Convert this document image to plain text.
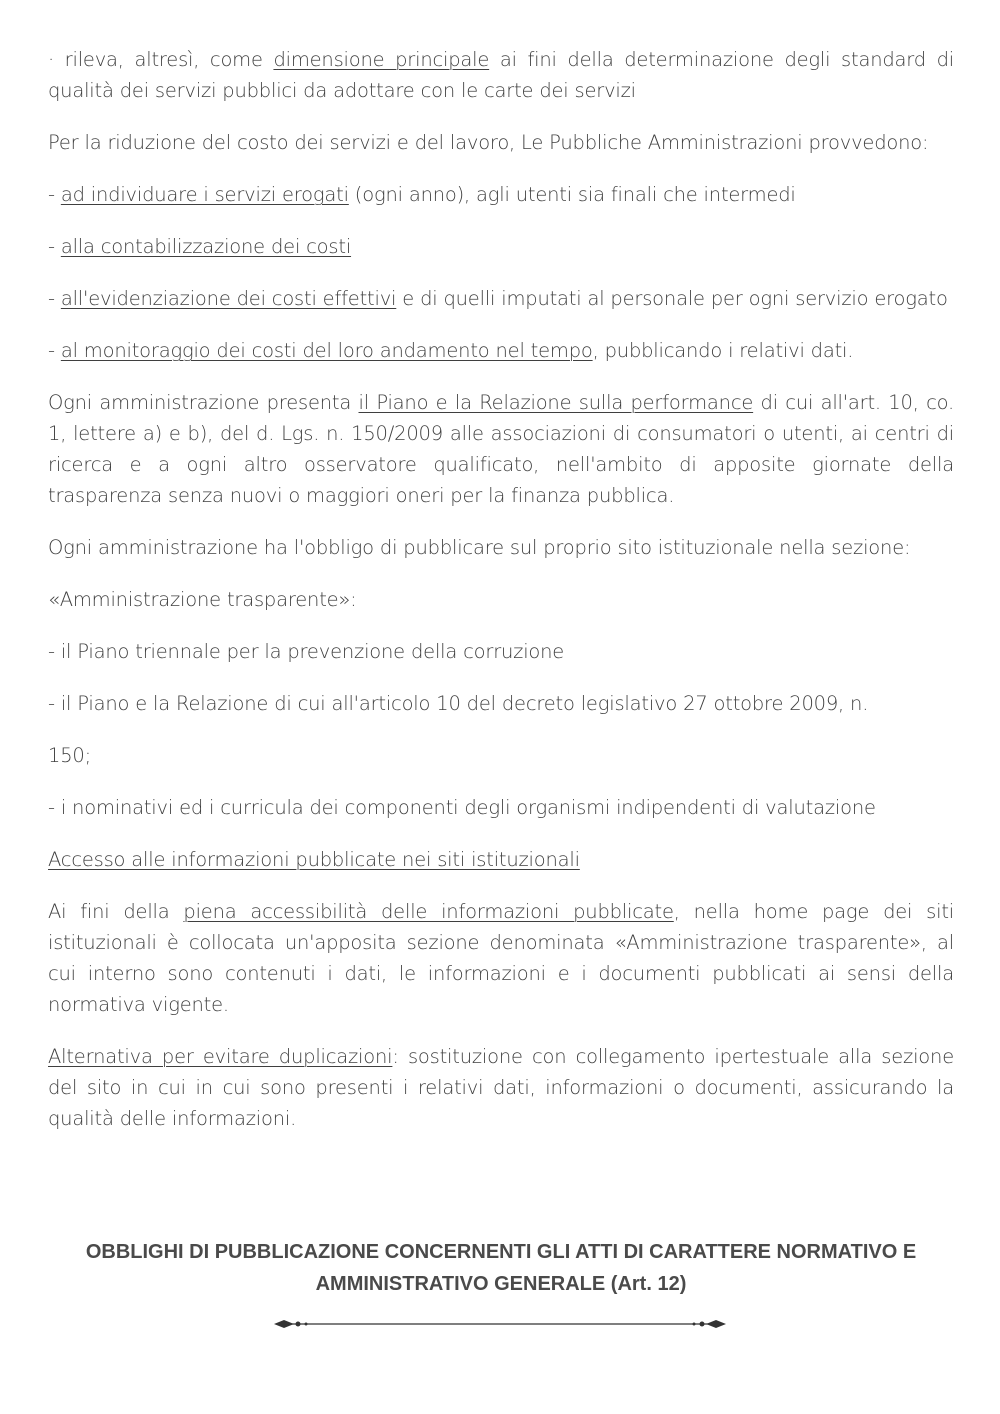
· rileva, altresì, come dimensione principale ai fini della determinazione degli standard di qualità dei servizi pubblici da adottare con le carte dei servizi

Per la riduzione del costo dei servizi e del lavoro, Le Pubbliche Amministrazioni provvedono:

- ad individuare i servizi erogati (ogni anno), agli utenti sia finali che intermedi

- alla contabilizzazione dei costi

- all'evidenziazione dei costi effettivi e di quelli imputati al personale per ogni servizio erogato

- al monitoraggio dei costi del loro andamento nel tempo, pubblicando i relativi dati.

Ogni amministrazione presenta il Piano e la Relazione sulla performance di cui all'art. 10, co. 1, lettere a) e b), del d. Lgs. n. 150/2009 alle associazioni di consumatori o utenti, ai centri di ricerca e a ogni altro osservatore qualificato, nell'ambito di apposite giornate della trasparenza senza nuovi o maggiori oneri per la finanza pubblica.

Ogni amministrazione ha l'obbligo di pubblicare sul proprio sito istituzionale nella sezione:

«Amministrazione trasparente»:

- il Piano triennale per la prevenzione della corruzione

- il Piano e la Relazione di cui all'articolo 10 del decreto legislativo 27 ottobre 2009, n.

150;

- i nominativi ed i curricula dei componenti degli organismi indipendenti di valutazione

Accesso alle informazioni pubblicate nei siti istituzionali

Ai fini della piena accessibilità delle informazioni pubblicate, nella home page dei siti istituzionali è collocata un'apposita sezione denominata «Amministrazione trasparente», al cui interno sono contenuti i dati, le informazioni e i documenti pubblicati ai sensi della normativa vigente.

Alternativa per evitare duplicazioni: sostituzione con collegamento ipertestuale alla sezione del sito in cui in cui sono presenti i relativi dati, informazioni o documenti, assicurando la qualità delle informazioni.

OBBLIGHI DI PUBBLICAZIONE CONCERNENTI GLI ATTI DI CARATTERE NORMATIVO E
AMMINISTRATIVO GENERALE (Art. 12)
